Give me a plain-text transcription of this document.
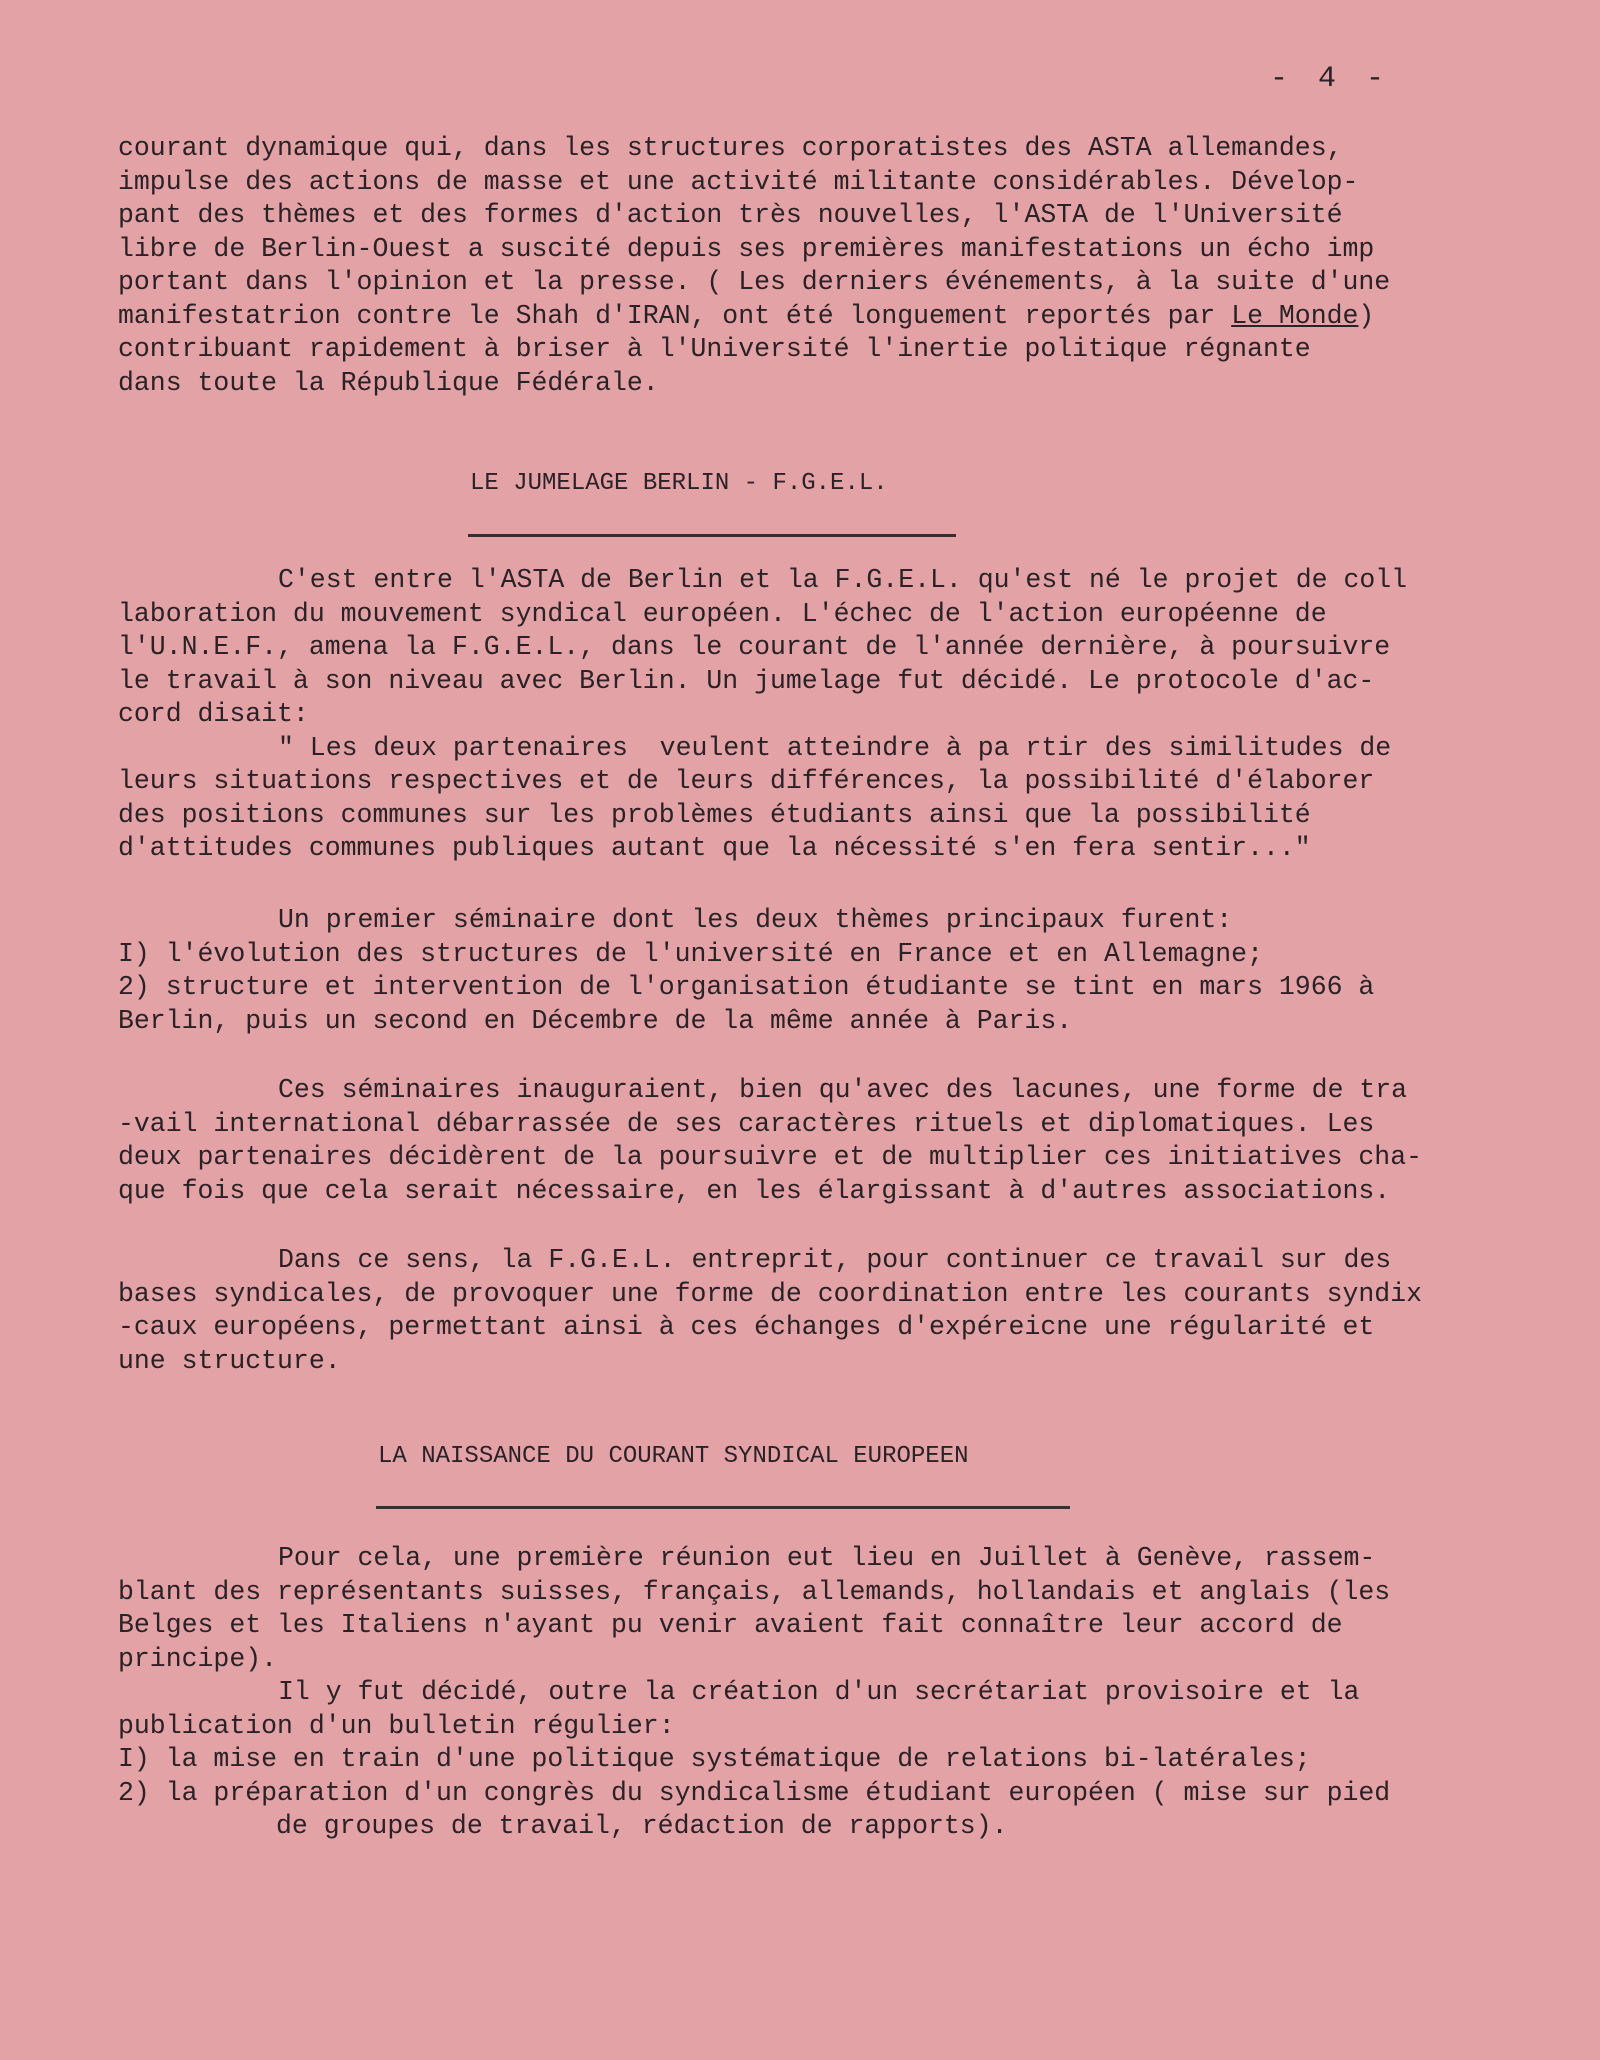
- 4 -
courant dynamique qui, dans les structures corporatistes des ASTA allemandes,
impulse des actions de masse et une activité militante considérables. Dévelop-
pant des thèmes et des formes d'action très nouvelles, l'ASTA de l'Université
libre de Berlin-Ouest a suscité depuis ses premières manifestations un écho imp
portant dans l'opinion et la presse. ( Les derniers événements, à la suite d'une
manifestatrion contre le Shah d'IRAN, ont été longuement reportés par Le Monde)
contribuant rapidement à briser à l'Université l'inertie politique régnante
dans toute la République Fédérale.
LE JUMELAGE BERLIN - F.G.E.L.
C'est entre l'ASTA de Berlin et la F.G.E.L. qu'est né le projet de coll
laboration du mouvement syndical européen. L'échec de l'action européenne de
l'U.N.E.F., amena la F.G.E.L., dans le courant de l'année dernière, à poursuivre
le travail à son niveau avec Berlin. Un jumelage fut décidé. Le protocole d'ac-
cord disait:
" Les deux partenaires  veulent atteindre à pa rtir des similitudes de
leurs situations respectives et de leurs différences, la possibilité d'élaborer
des positions communes sur les problèmes étudiants ainsi que la possibilité
d'attitudes communes publiques autant que la nécessité s'en fera sentir..."
Un premier séminaire dont les deux thèmes principaux furent:
I) l'évolution des structures de l'université en France et en Allemagne;
2) structure et intervention de l'organisation étudiante se tint en mars 1966 à
Berlin, puis un second en Décembre de la même année à Paris.
Ces séminaires inauguraient, bien qu'avec des lacunes, une forme de tra
-vail international débarrassée de ses caractères rituels et diplomatiques. Les
deux partenaires décidèrent de la poursuivre et de multiplier ces initiatives cha-
que fois que cela serait nécessaire, en les élargissant à d'autres associations.
Dans ce sens, la F.G.E.L. entreprit, pour continuer ce travail sur des
bases syndicales, de provoquer une forme de coordination entre les courants syndix
-caux européens, permettant ainsi à ces échanges d'expéreicne une régularité et
une structure.
LA NAISSANCE DU COURANT SYNDICAL EUROPEEN
Pour cela, une première réunion eut lieu en Juillet à Genève, rassem-
blant des représentants suisses, français, allemands, hollandais et anglais (les
Belges et les Italiens n'ayant pu venir avaient fait connaître leur accord de
principe).
Il y fut décidé, outre la création d'un secrétariat provisoire et la
publication d'un bulletin régulier:
I) la mise en train d'une politique systématique de relations bi-latérales;
2) la préparation d'un congrès du syndicalisme étudiant européen ( mise sur pied
de groupes de travail, rédaction de rapports).
